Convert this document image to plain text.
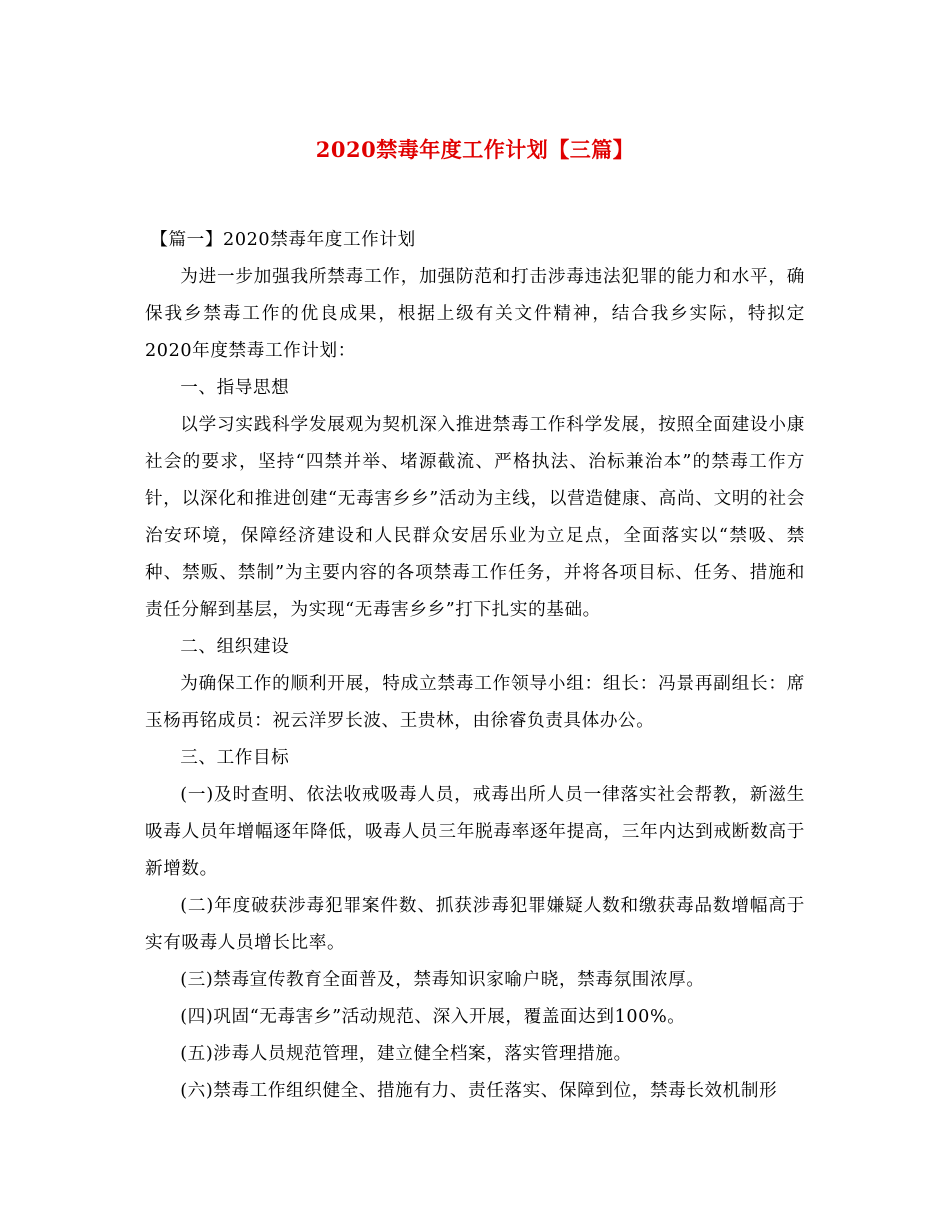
2020禁毒年度工作计划【三篇】

【篇一】2020禁毒年度工作计划

为进一步加强我所禁毒工作，加强防范和打击涉毒违法犯罪的能力和水平，确保我乡禁毒工作的优良成果，根据上级有关文件精神，结合我乡实际，特拟定2020年度禁毒工作计划：

一、指导思想

以学习实践科学发展观为契机深入推进禁毒工作科学发展，按照全面建设小康社会的要求，坚持“四禁并举、堵源截流、严格执法、治标兼治本”的禁毒工作方针，以深化和推进创建“无毒害乡乡”活动为主线，以营造健康、高尚、文明的社会治安环境，保障经济建设和人民群众安居乐业为立足点，全面落实以“禁吸、禁种、禁贩、禁制”为主要内容的各项禁毒工作任务，并将各项目标、任务、措施和责任分解到基层，为实现“无毒害乡乡”打下扎实的基础。

二、组织建设

为确保工作的顺利开展，特成立禁毒工作领导小组：组长：冯景再副组长：席玉杨再铭成员：祝云洋罗长波、王贵林，由徐睿负责具体办公。

三、工作目标

(一)及时查明、依法收戒吸毒人员，戒毒出所人员一律落实社会帮教，新滋生吸毒人员年增幅逐年降低，吸毒人员三年脱毒率逐年提高，三年内达到戒断数高于新增数。

(二)年度破获涉毒犯罪案件数、抓获涉毒犯罪嫌疑人数和缴获毒品数增幅高于实有吸毒人员增长比率。

(三)禁毒宣传教育全面普及，禁毒知识家喻户晓，禁毒氛围浓厚。

(四)巩固“无毒害乡”活动规范、深入开展，覆盖面达到100%。

(五)涉毒人员规范管理，建立健全档案，落实管理措施。

(六)禁毒工作组织健全、措施有力、责任落实、保障到位，禁毒长效机制形
